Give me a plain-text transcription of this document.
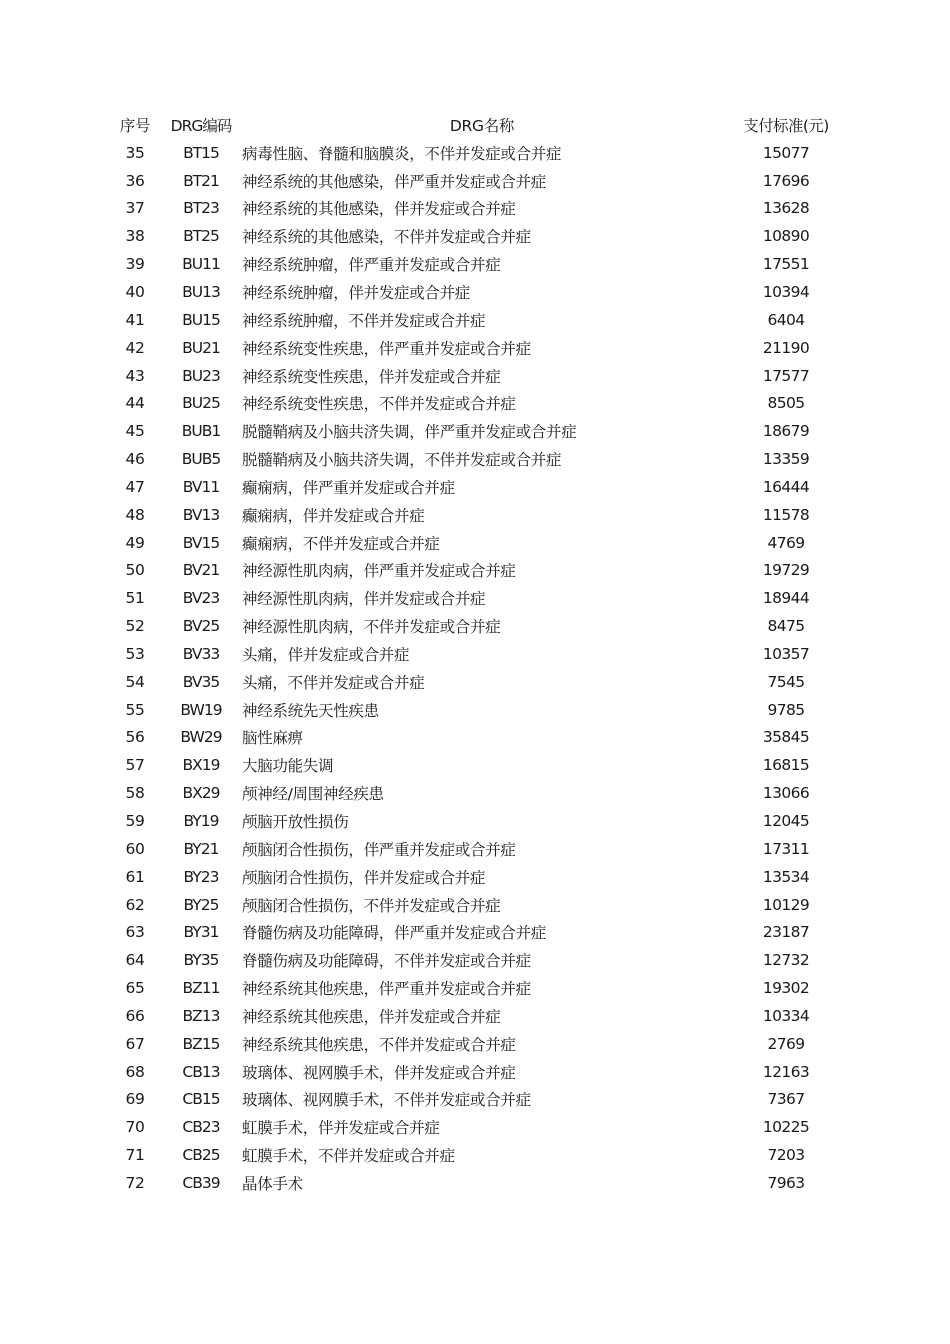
序号	DRG编码	DRG名称	支付标准(元)
35	BT15	病毒性脑、脊髓和脑膜炎，不伴并发症或合并症	15077
36	BT21	神经系统的其他感染，伴严重并发症或合并症	17696
37	BT23	神经系统的其他感染，伴并发症或合并症	13628
38	BT25	神经系统的其他感染，不伴并发症或合并症	10890
39	BU11	神经系统肿瘤，伴严重并发症或合并症	17551
40	BU13	神经系统肿瘤，伴并发症或合并症	10394
41	BU15	神经系统肿瘤，不伴并发症或合并症	6404
42	BU21	神经系统变性疾患，伴严重并发症或合并症	21190
43	BU23	神经系统变性疾患，伴并发症或合并症	17577
44	BU25	神经系统变性疾患，不伴并发症或合并症	8505
45	BUB1	脱髓鞘病及小脑共济失调，伴严重并发症或合并症	18679
46	BUB5	脱髓鞘病及小脑共济失调，不伴并发症或合并症	13359
47	BV11	癫痫病，伴严重并发症或合并症	16444
48	BV13	癫痫病，伴并发症或合并症	11578
49	BV15	癫痫病，不伴并发症或合并症	4769
50	BV21	神经源性肌肉病，伴严重并发症或合并症	19729
51	BV23	神经源性肌肉病，伴并发症或合并症	18944
52	BV25	神经源性肌肉病，不伴并发症或合并症	8475
53	BV33	头痛，伴并发症或合并症	10357
54	BV35	头痛，不伴并发症或合并症	7545
55	BW19	神经系统先天性疾患	9785
56	BW29	脑性麻痹	35845
57	BX19	大脑功能失调	16815
58	BX29	颅神经/周围神经疾患	13066
59	BY19	颅脑开放性损伤	12045
60	BY21	颅脑闭合性损伤，伴严重并发症或合并症	17311
61	BY23	颅脑闭合性损伤，伴并发症或合并症	13534
62	BY25	颅脑闭合性损伤，不伴并发症或合并症	10129
63	BY31	脊髓伤病及功能障碍，伴严重并发症或合并症	23187
64	BY35	脊髓伤病及功能障碍，不伴并发症或合并症	12732
65	BZ11	神经系统其他疾患，伴严重并发症或合并症	19302
66	BZ13	神经系统其他疾患，伴并发症或合并症	10334
67	BZ15	神经系统其他疾患，不伴并发症或合并症	2769
68	CB13	玻璃体、视网膜手术，伴并发症或合并症	12163
69	CB15	玻璃体、视网膜手术，不伴并发症或合并症	7367
70	CB23	虹膜手术，伴并发症或合并症	10225
71	CB25	虹膜手术，不伴并发症或合并症	7203
72	CB39	晶体手术	7963
